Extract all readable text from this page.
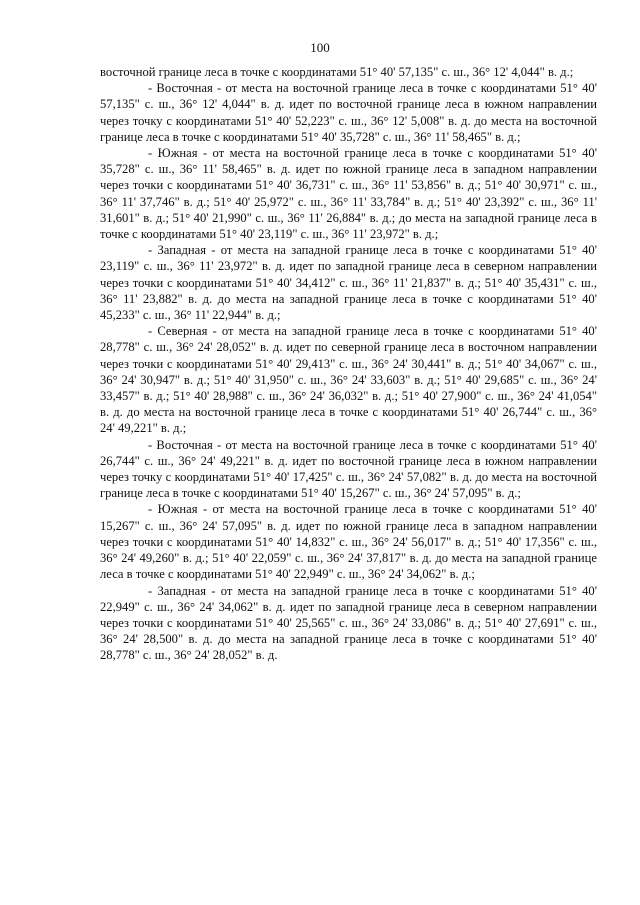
100

восточной границе леса в точке с координатами 51° 40' 57,135" с. ш., 36° 12' 4,044" в. д.;

- Восточная - от места на восточной границе леса в точке с координатами 51° 40' 57,135" с. ш., 36° 12' 4,044" в. д. идет по восточной границе леса в южном направлении через точку с координатами 51° 40' 52,223" с. ш., 36° 12' 5,008" в. д. до места на восточной границе леса в точке с координатами 51° 40' 35,728" с. ш., 36° 11' 58,465" в. д.;

- Южная - от места на восточной границе леса в точке с координатами 51° 40' 35,728" с. ш., 36° 11' 58,465" в. д. идет по южной границе леса в западном направлении через точки с координатами 51° 40' 36,731" с. ш., 36° 11' 53,856" в. д.; 51° 40' 30,971" с. ш., 36° 11' 37,746" в. д.; 51° 40' 25,972" с. ш., 36° 11' 33,784" в. д.; 51° 40' 23,392" с. ш., 36° 11' 31,601" в. д.; 51° 40' 21,990" с. ш., 36° 11' 26,884" в. д.; до места на западной границе леса в точке с координатами 51° 40' 23,119" с. ш., 36° 11' 23,972" в. д.;

- Западная - от места на западной границе леса в точке с координатами 51° 40' 23,119" с. ш., 36° 11' 23,972" в. д. идет по западной границе леса в северном направлении через точки с координатами 51° 40' 34,412" с. ш., 36° 11' 21,837" в. д.; 51° 40' 35,431" с. ш., 36° 11' 23,882" в. д. до места на западной границе леса в точке с координатами 51° 40' 45,233" с. ш., 36° 11' 22,944" в. д.;

- Северная - от места на западной границе леса в точке с координатами 51° 40' 28,778" с. ш., 36° 24' 28,052" в. д. идет по северной границе леса в восточном направлении через точки с координатами 51° 40' 29,413" с. ш., 36° 24' 30,441" в. д.; 51° 40' 34,067" с. ш., 36° 24' 30,947" в. д.; 51° 40' 31,950" с. ш., 36° 24' 33,603" в. д.; 51° 40' 29,685" с. ш., 36° 24' 33,457" в. д.; 51° 40' 28,988" с. ш., 36° 24' 36,032" в. д.; 51° 40' 27,900" с. ш., 36° 24' 41,054" в. д. до места на восточной границе леса в точке с координатами 51° 40' 26,744" с. ш., 36° 24' 49,221" в. д.;

- Восточная - от места на восточной границе леса в точке с координатами 51° 40' 26,744" с. ш., 36° 24' 49,221" в. д. идет по восточной границе леса в южном направлении через точку с координатами 51° 40' 17,425" с. ш., 36° 24' 57,082" в. д. до места на восточной границе леса в точке с координатами 51° 40' 15,267" с. ш., 36° 24' 57,095" в. д.;

- Южная - от места на восточной границе леса в точке с координатами 51° 40' 15,267" с. ш., 36° 24' 57,095" в. д. идет по южной границе леса в западном направлении через точки с координатами 51° 40' 14,832" с. ш., 36° 24' 56,017" в. д.; 51° 40' 17,356" с. ш., 36° 24' 49,260" в. д.; 51° 40' 22,059" с. ш., 36° 24' 37,817" в. д. до места на западной границе леса в точке с координатами 51° 40' 22,949" с. ш., 36° 24' 34,062" в. д.;

- Западная - от места на западной границе леса в точке с координатами 51° 40' 22,949" с. ш., 36° 24' 34,062" в. д. идет по западной границе леса в северном направлении через точки с координатами 51° 40' 25,565" с. ш., 36° 24' 33,086" в. д.; 51° 40' 27,691" с. ш., 36° 24' 28,500" в. д. до места на западной границе леса в точке с координатами 51° 40' 28,778" с. ш., 36° 24' 28,052" в. д.
